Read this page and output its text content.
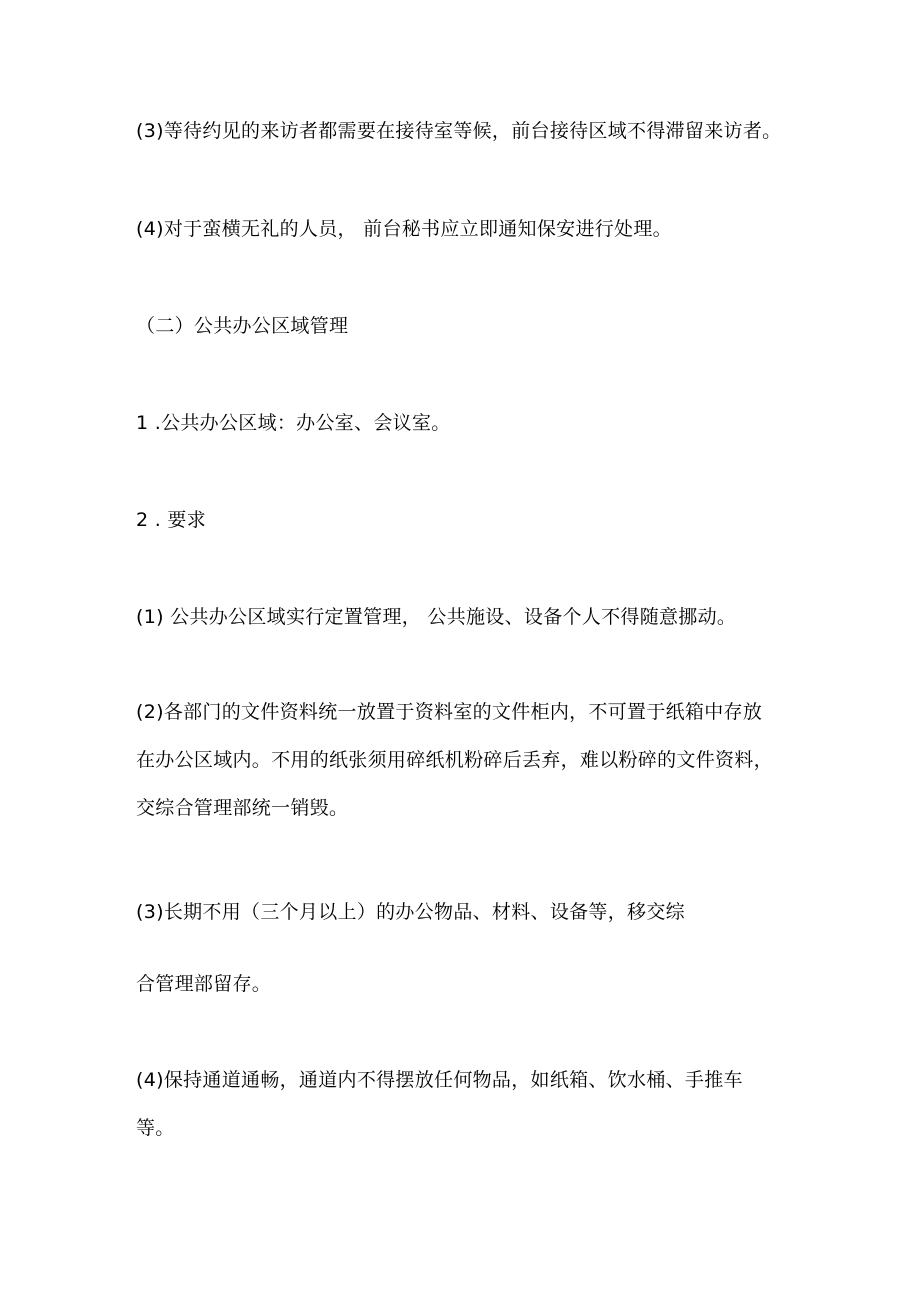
(3)等待约见的来访者都需要在接待室等候，前台接待区域不得滞留来访者。
(4)对于蛮横无礼的人员， 前台秘书应立即通知保安进行处理。
（二）公共办公区域管理
1 .公共办公区域：办公室、会议室。
2 . 要求
(1) 公共办公区域实行定置管理， 公共施设、设备个人不得随意挪动。
(2)各部门的文件资料统一放置于资料室的文件柜内，不可置于纸箱中存放
在办公区域内。不用的纸张须用碎纸机粉碎后丢弃，难以粉碎的文件资料，
交综合管理部统一销毁。
(3)长期不用（三个月以上）的办公物品、材料、设备等，移交综
合管理部留存。
(4)保持通道通畅，通道内不得摆放任何物品，如纸箱、饮水桶、手推车
等。
